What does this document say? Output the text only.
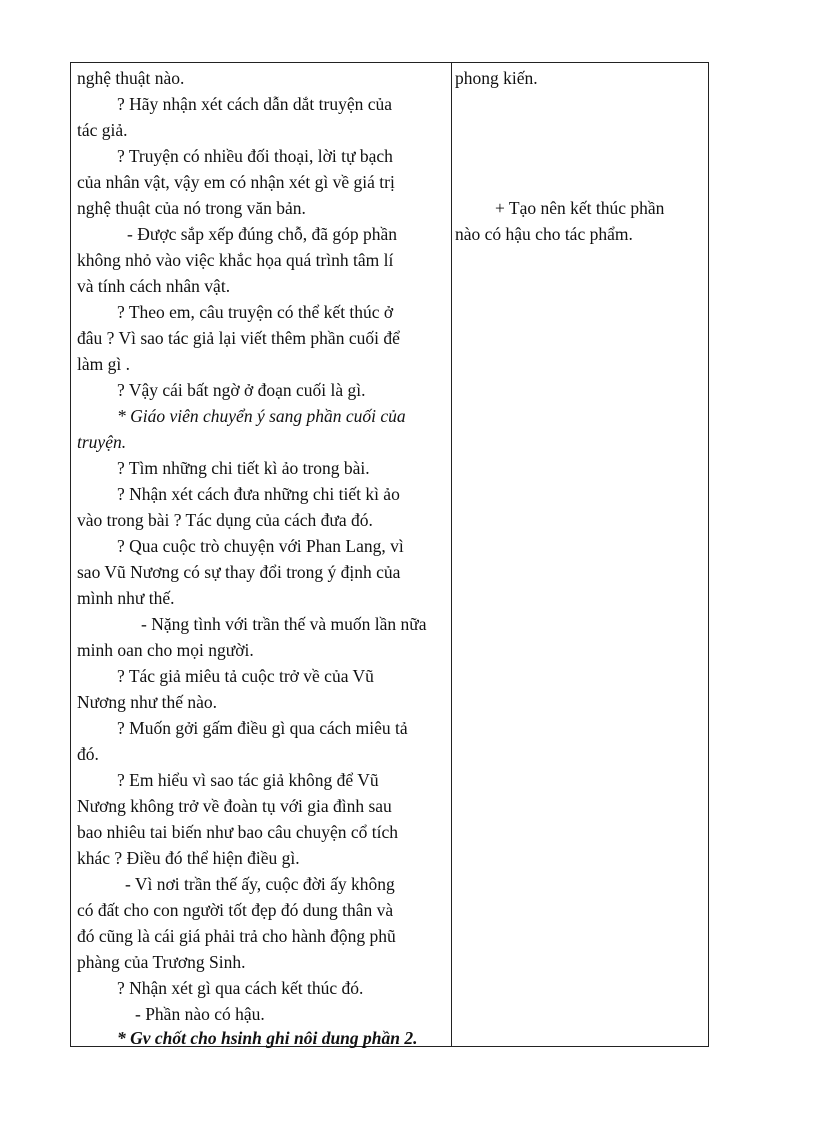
nghệ thuật nào.
? Hãy nhận xét cách dẫn dắt truyện của
tác giả.
? Truyện có nhiều đối thoại, lời tự bạch
của nhân vật, vậy em có nhận xét gì về giá trị
nghệ thuật của nó trong văn bản.
- Được sắp xếp đúng chỗ, đã góp phần
không nhỏ vào việc khắc họa quá trình tâm lí
và tính cách nhân vật.
? Theo em, câu truyện có thể kết thúc ở
đâu ? Vì sao tác giả lại viết thêm phần cuối để
làm gì .
? Vậy cái bất ngờ ở đoạn cuối là gì.
* Giáo viên chuyển ý sang phần cuối của
truyện.
? Tìm những chi tiết kì ảo trong bài.
? Nhận xét cách đưa những chi tiết kì ảo
vào trong bài ? Tác dụng của cách đưa đó.
? Qua cuộc trò chuyện với Phan Lang, vì
sao Vũ Nương có sự thay đổi trong ý định của
mình như thế.
- Nặng tình với trần thế và muốn lần nữa
minh oan cho mọi người.
? Tác giả miêu tả cuộc trở về của Vũ
Nương như thế nào.
? Muốn gởi gấm điều gì qua cách miêu tả
đó.
? Em hiểu vì sao tác giả không để Vũ
Nương không trở về đoàn tụ với gia đình sau
bao nhiêu tai biến như bao câu chuyện cổ tích
khác ? Điều đó thể hiện điều gì.
- Vì nơi trần thế ấy, cuộc đời ấy không
có đất cho con người tốt đẹp đó dung thân và
đó cũng là cái giá phải trả cho hành động phũ
phàng của Trương Sinh.
? Nhận xét gì qua cách kết thúc đó.
- Phần nào có hậu.
* Gv chốt cho hsinh ghi nôi dung phần 2.
phong kiến.
+ Tạo nên kết thúc phần
nào có hậu cho tác phẩm.
